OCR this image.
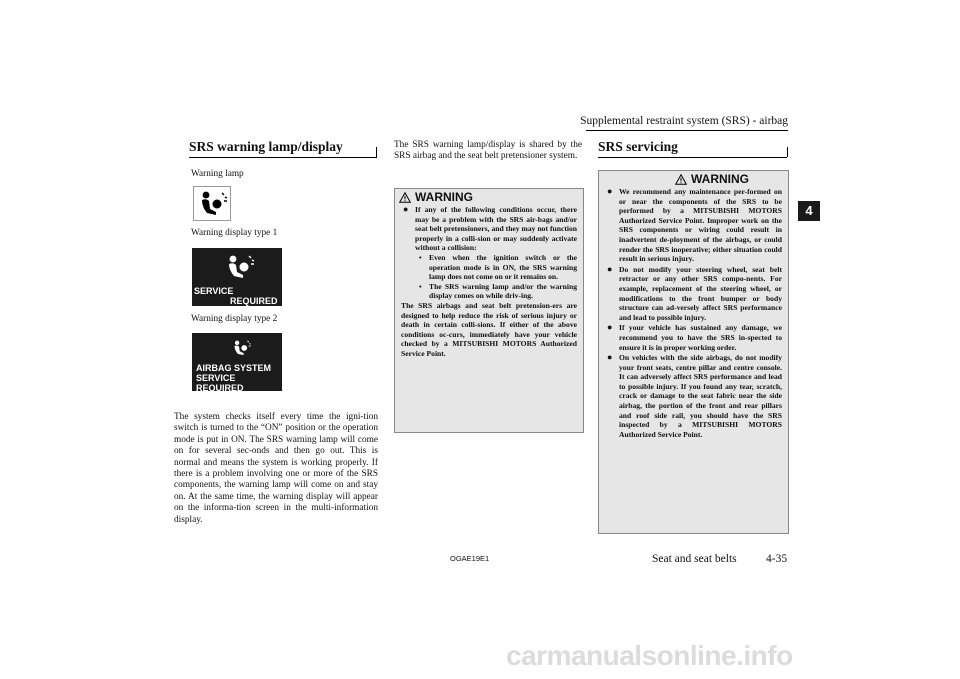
Supplemental restraint system (SRS) - airbag
4
SRS warning lamp/display
Warning lamp
Warning display type 1
SERVICE
REQUIRED
Warning display type 2
AIRBAG SYSTEM
SERVICE REQUIRED
The system checks itself every time the igni-tion switch is turned to the “ON” position or the operation mode is put in ON. The SRS warning lamp will come on for several sec-onds and then go out. This is normal and means the system is working properly. If there is a problem involving one or more of the SRS components, the warning lamp will come on and stay on. At the same time, the warning display will appear on the informa-tion screen in the multi-information display.
The SRS warning lamp/display is shared by the SRS airbag and the seat belt pretensioner system.
WARNING
● If any of the following conditions occur, there may be a problem with the SRS air-bags and/or seat belt pretensioners, and they may not function properly in a colli-sion or may suddenly activate without a collision:
• Even when the ignition switch or the operation mode is in ON, the SRS warning lamp does not come on or it remains on.
• The SRS warning lamp and/or the warning display comes on while driv-ing.
The SRS airbags and seat belt pretension-ers are designed to help reduce the risk of serious injury or death in certain colli-sions. If either of the above conditions oc-curs, immediately have your vehicle checked by a MITSUBISHI MOTORS Authorized Service Point.
SRS servicing
WARNING
● We recommend any maintenance per-formed on or near the components of the SRS to be performed by a MITSUBISHI MOTORS Authorized Service Point. Improper work on the SRS components or wiring could result in inadvertent de-ployment of the airbags, or could render the SRS inoperative; either situation could result in serious injury.
● Do not modify your steering wheel, seat belt retractor or any other SRS compo-nents. For example, replacement of the steering wheel, or modifications to the front bumper or body structure can ad-versely affect SRS performance and lead to possible injury.
● If your vehicle has sustained any damage, we recommend you to have the SRS in-spected to ensure it is in proper working order.
● On vehicles with the side airbags, do not modify your front seats, centre pillar and centre console. It can adversely affect SRS performance and lead to possible injury. If you found any tear, scratch, crack or damage to the seat fabric near the side airbag, the portion of the front and rear pillars and roof side rail, you should have the SRS inspected by a MITSUBISHI MOTORS Authorized Service Point.
OGAE19E1	Seat and seat belts	4-35
carmanualsonline.info
